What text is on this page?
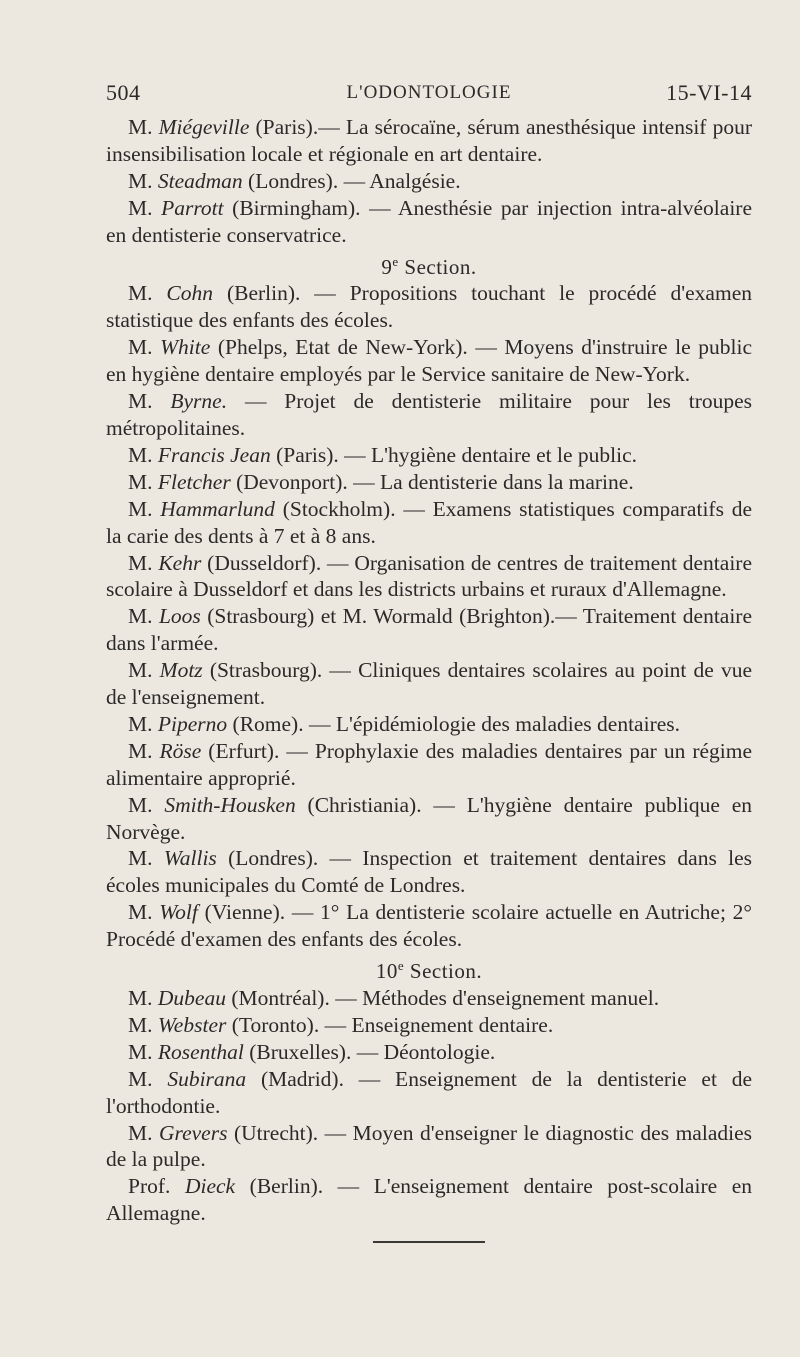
504	L'ODONTOLOGIE	15-VI-14

M. Miégeville (Paris).— La sérocaïne, sérum anesthésique intensif pour insensibilisation locale et régionale en art dentaire.

M. Steadman (Londres). — Analgésie.

M. Parrott (Birmingham). — Anesthésie par injection intra-alvéolaire en dentisterie conservatrice.

9e Section.

M. Cohn (Berlin). — Propositions touchant le procédé d'examen statistique des enfants des écoles.

M. White (Phelps, Etat de New-York). — Moyens d'instruire le public en hygiène dentaire employés par le Service sanitaire de New-York.

M. Byrne. — Projet de dentisterie militaire pour les troupes métropolitaines.

M. Francis Jean (Paris). — L'hygiène dentaire et le public.

M. Fletcher (Devonport). — La dentisterie dans la marine.

M. Hammarlund (Stockholm). — Examens statistiques comparatifs de la carie des dents à 7 et à 8 ans.

M. Kehr (Dusseldorf). — Organisation de centres de traitement dentaire scolaire à Dusseldorf et dans les districts urbains et ruraux d'Allemagne.

M. Loos (Strasbourg) et M. Wormald (Brighton).— Traitement dentaire dans l'armée.

M. Motz (Strasbourg). — Cliniques dentaires scolaires au point de vue de l'enseignement.

M. Piperno (Rome). — L'épidémiologie des maladies dentaires.

M. Röse (Erfurt). — Prophylaxie des maladies dentaires par un régime alimentaire approprié.

M. Smith-Housken (Christiania). — L'hygiène dentaire publique en Norvège.

M. Wallis (Londres). — Inspection et traitement dentaires dans les écoles municipales du Comté de Londres.

M. Wolf (Vienne). — 1° La dentisterie scolaire actuelle en Autriche; 2° Procédé d'examen des enfants des écoles.

10e Section.

M. Dubeau (Montréal). — Méthodes d'enseignement manuel.

M. Webster (Toronto). — Enseignement dentaire.

M. Rosenthal (Bruxelles). — Déontologie.

M. Subirana (Madrid). — Enseignement de la dentisterie et de l'orthodontie.

M. Grevers (Utrecht). — Moyen d'enseigner le diagnostic des maladies de la pulpe.

Prof. Dieck (Berlin). — L'enseignement dentaire post-scolaire en Allemagne.
